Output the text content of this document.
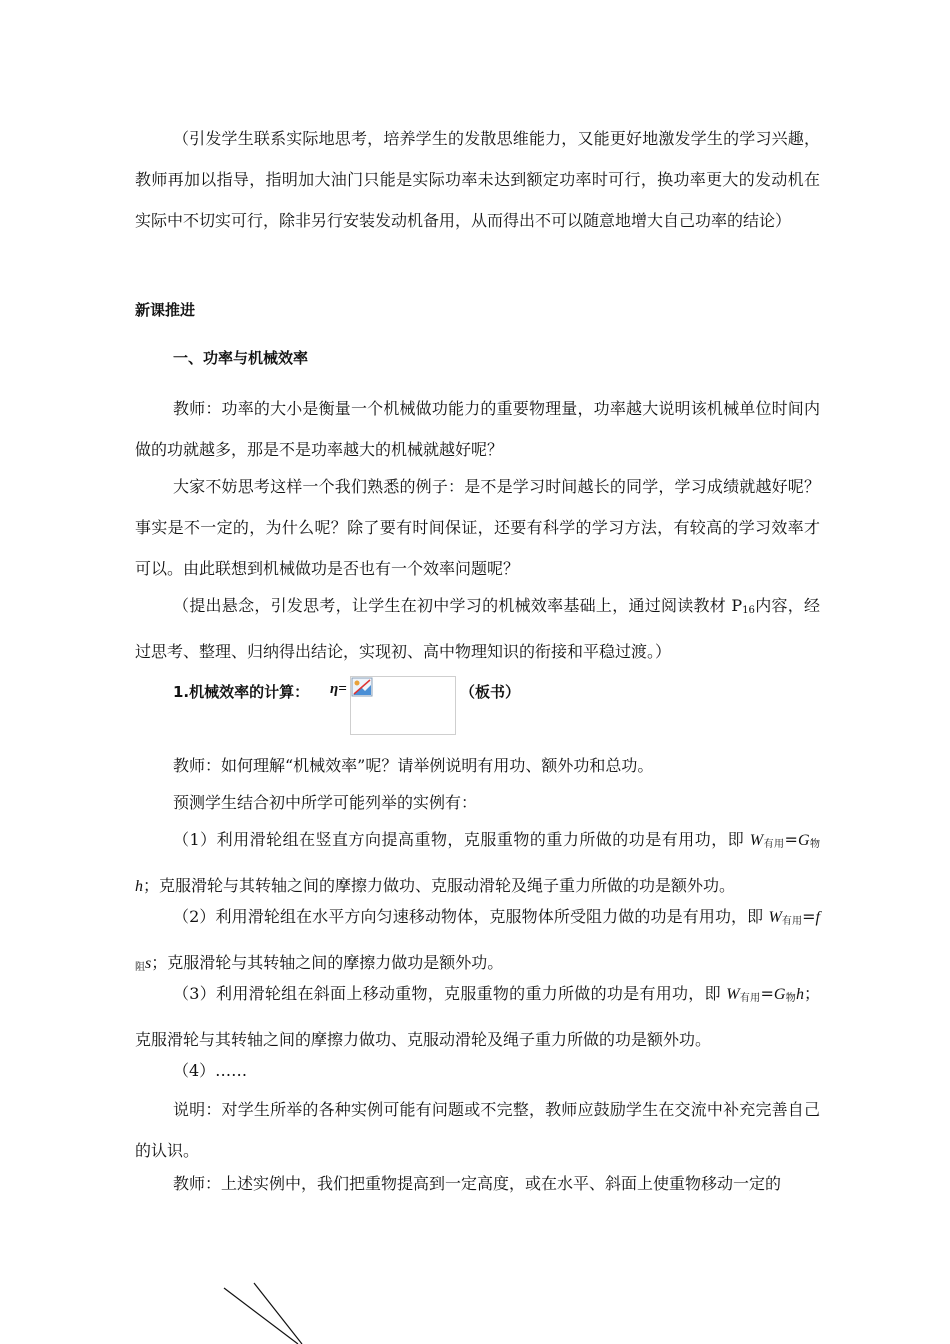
（引发学生联系实际地思考，培养学生的发散思维能力，又能更好地激发学生的学习兴趣，教师再加以指导，指明加大油门只能是实际功率未达到额定功率时可行，换功率更大的发动机在实际中不切实可行，除非另行安装发动机备用，从而得出不可以随意地增大自己功率的结论）

新课推进

一、功率与机械效率

教师：功率的大小是衡量一个机械做功能力的重要物理量，功率越大说明该机械单位时间内做的功就越多，那是不是功率越大的机械就越好呢？

大家不妨思考这样一个我们熟悉的例子：是不是学习时间越长的同学，学习成绩就越好呢？事实是不一定的，为什么呢？除了要有时间保证，还要有科学的学习方法，有较高的学习效率才可以。由此联想到机械做功是否也有一个效率问题呢？

（提出悬念，引发思考，让学生在初中学习的机械效率基础上，通过阅读教材 $P_{16}$内容，经过思考、整理、归纳得出结论，实现初、高中物理知识的衔接和平稳过渡。）

1.机械效率的计算： η=	（板书）

教师：如何理解“机械效率”呢？请举例说明有用功、额外功和总功。

预测学生结合初中所学可能列举的实例有：

（1）利用滑轮组在竖直方向提高重物，克服重物的重力所做的功是有用功，即 $W_{有用}=G_物h$；克服滑轮与其转轴之间的摩擦力做功、克服动滑轮及绳子重力所做的功是额外功。

（2）利用滑轮组在水平方向匀速移动物体，克服物体所受阻力做的功是有用功，即 $W_{有用}=f_阻s$；克服滑轮与其转轴之间的摩擦力做功是额外功。

（3）利用滑轮组在斜面上移动重物，克服重物的重力所做的功是有用功，即 $W_{有用}=G_物h$；克服滑轮与其转轴之间的摩擦力做功、克服动滑轮及绳子重力所做的功是额外功。

（4）……

说明：对学生所举的各种实例可能有问题或不完整，教师应鼓励学生在交流中补充完善自己的认识。

教师：上述实例中，我们把重物提高到一定高度，或在水平、斜面上使重物移动一定的
